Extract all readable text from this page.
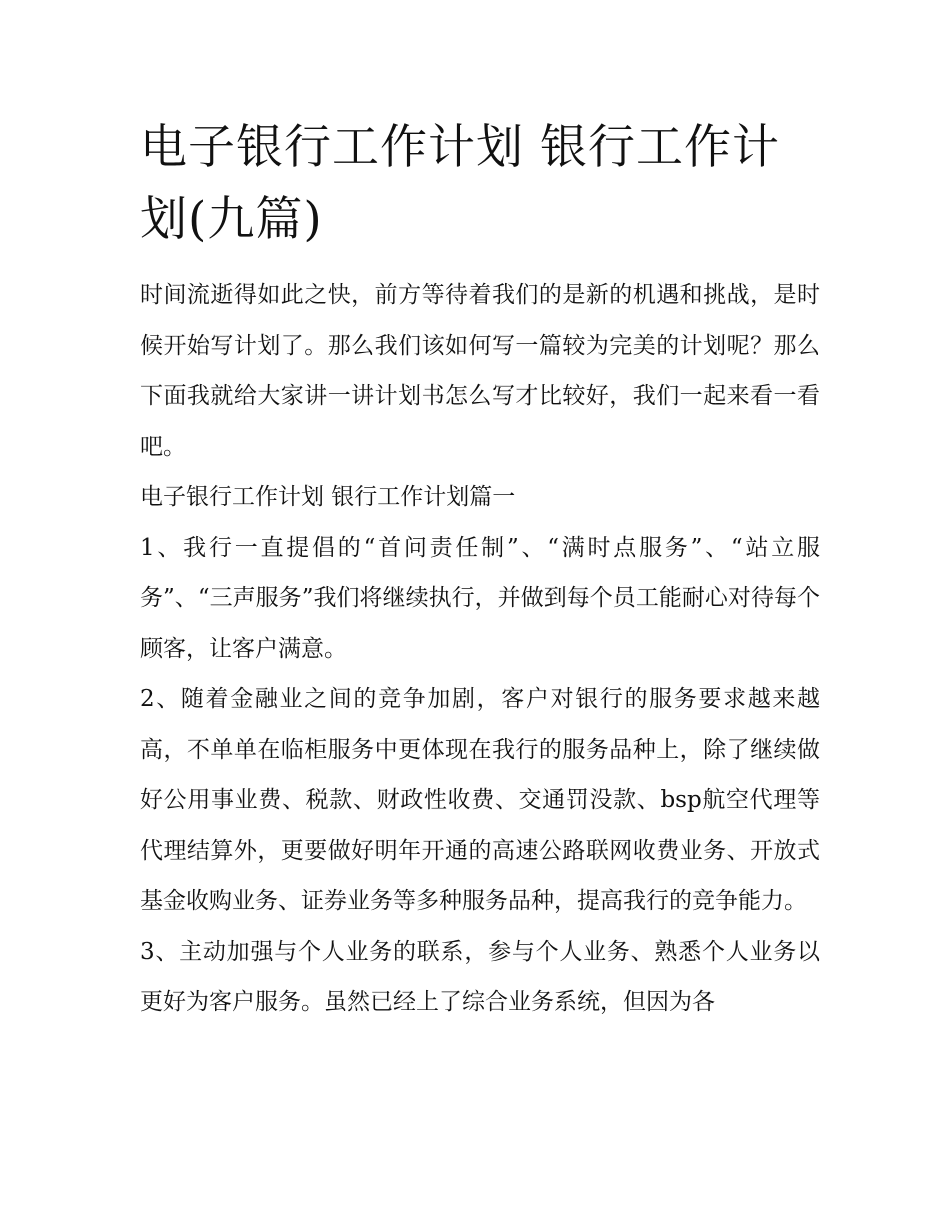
电子银行工作计划 银行工作计划(九篇)

时间流逝得如此之快，前方等待着我们的是新的机遇和挑战，是时候开始写计划了。那么我们该如何写一篇较为完美的计划呢？那么下面我就给大家讲一讲计划书怎么写才比较好，我们一起来看一看吧。

电子银行工作计划 银行工作计划篇一

1、我行一直提倡的“首问责任制”、“满时点服务”、“站立服务”、“三声服务”我们将继续执行，并做到每个员工能耐心对待每个顾客，让客户满意。

2、随着金融业之间的竞争加剧，客户对银行的服务要求越来越高，不单单在临柜服务中更体现在我行的服务品种上，除了继续做好公用事业费、税款、财政性收费、交通罚没款、bsp航空代理等代理结算外，更要做好明年开通的高速公路联网收费业务、开放式基金收购业务、证券业务等多种服务品种，提高我行的竞争能力。

3、主动加强与个人业务的联系，参与个人业务、熟悉个人业务以更好为客户服务。虽然已经上了综合业务系统，但因为各
